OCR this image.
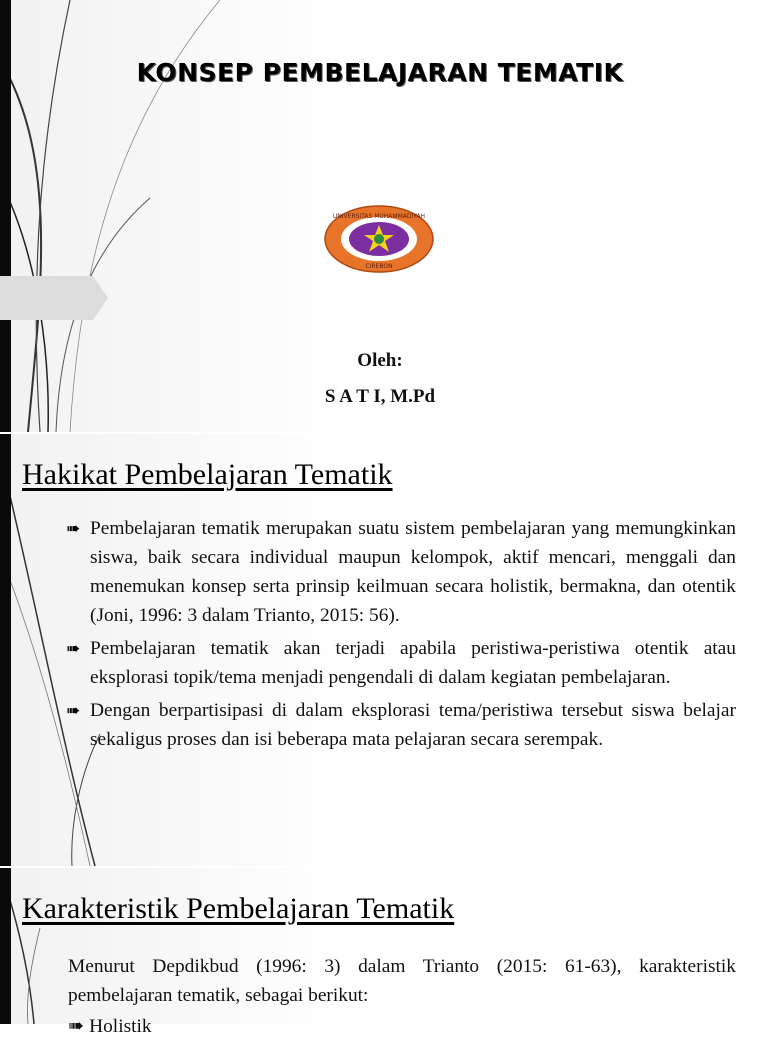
KONSEP PEMBELAJARAN TEMATIK
UNIVERSITAS MUHAMMADIYAH
CIREBON
Oleh:
S A T I, M.Pd
Hakikat Pembelajaran Tematik
➠ Pembelajaran tematik merupakan suatu sistem pembelajaran yang memungkinkan siswa, baik secara individual maupun kelompok, aktif mencari, menggali dan menemukan konsep serta prinsip keilmuan secara holistik, bermakna, dan otentik (Joni, 1996: 3 dalam Trianto, 2015: 56).
➠ Pembelajaran tematik akan terjadi apabila peristiwa-peristiwa otentik atau eksplorasi topik/tema menjadi pengendali di dalam kegiatan pembelajaran.
➠ Dengan berpartisipasi di dalam eksplorasi tema/peristiwa tersebut siswa belajar sekaligus proses dan isi beberapa mata pelajaran secara serempak.
Karakteristik Pembelajaran Tematik
Menurut Depdikbud (1996: 3) dalam Trianto (2015: 61-63), karakteristik pembelajaran tematik, sebagai berikut:
➠ Holistik
